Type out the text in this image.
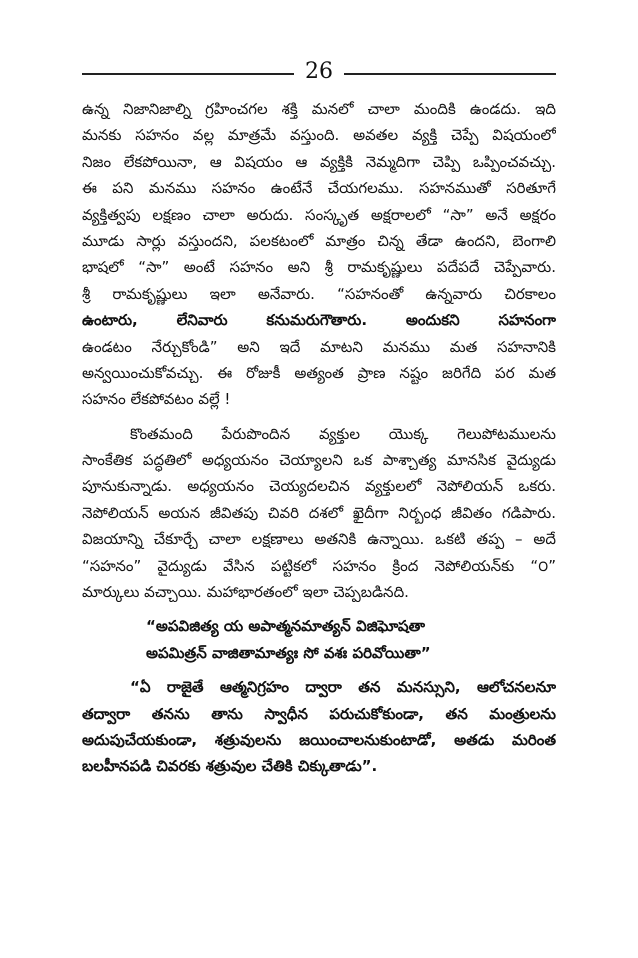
26
ఉన్న నిజానిజాల్ని గ్రహించగల శక్తి మనలో చాలా మందికి ఉండదు. ఇది
మనకు సహనం వల్ల మాత్రమే వస్తుంది. అవతల వ్యక్తి చెప్పే విషయంలో
నిజం లేకపోయినా, ఆ విషయం ఆ వ్యక్తికి నెమ్మదిగా చెప్పి ఒప్పించవచ్చు.
ఈ పని మనము సహనం ఉంటేనే చేయగలము. సహనముతో సరితూగే
వ్యక్తిత్వపు లక్షణం చాలా అరుదు. సంస్కృత అక్షరాలలో “సా” అనే అక్షరం
మూడు సార్లు వస్తుందని, పలకటంలో మాత్రం చిన్న తేడా ఉందని, బెంగాలి
భాషలో “సా” అంటే సహనం అని శ్రీ రామకృష్ణులు పదేపదే చెప్పేవారు.
శ్రీ రామకృష్ణులు ఇలా అనేవారు. “సహనంతో ఉన్నవారు చిరకాలం
ఉంటారు, లేనివారు కనుమరుగౌతారు. అందుకని సహనంగా
ఉండటం నేర్చుకోండి” అని ఇదే మాటని మనము మత సహనానికి
అన్వయించుకోవచ్చు. ఈ రోజుకీ అత్యంత ప్రాణ నష్టం జరిగేది పర మత
సహనం లేకపోవటం వల్లే !
కొంతమంది పేరుపొందిన వ్యక్తుల యొక్క గెలుపోటములను
సాంకేతిక పద్ధతిలో అధ్యయనం చెయ్యాలని ఒక పాశ్చాత్య మానసిక వైద్యుడు
పూనుకున్నాడు. అధ్యయనం చెయ్యదలచిన వ్యక్తులలో నెపోలియన్ ఒకరు.
నెపోలియన్ అయన జీవితపు చివరి దశలో ఖైదీగా నిర్బంధ జీవితం గడిపారు.
విజయాన్ని చేకూర్చే చాలా లక్షణాలు అతనికి ఉన్నాయి. ఒకటి తప్ప – అదే
“సహనం” వైద్యుడు వేసిన పట్టికలో సహనం క్రింద నెపోలియన్‌కు “౦”
మార్కులు వచ్చాయి. మహాభారతంలో ఇలా చెప్పబడినది.
“అపవిజిత్య య అపాత్మనమాత్యన్ విజిఘోషతా
అపమిత్రన్ వాజితామాత్యః సో వశః పరివోయితా”
“ఏ రాజైతే ఆత్మనిగ్రహం ద్వారా తన మనస్సుని, ఆలోచనలనూ
తద్వారా తనను తాను స్వాధీన పరుచుకోకుండా, తన మంత్రులను
అదుపుచేయకుండా, శత్రువులను జయించాలనుకుంటాడో, అతడు మరింత
బలహీనపడి చివరకు శత్రువుల చేతికి చిక్కుతాడు”.
